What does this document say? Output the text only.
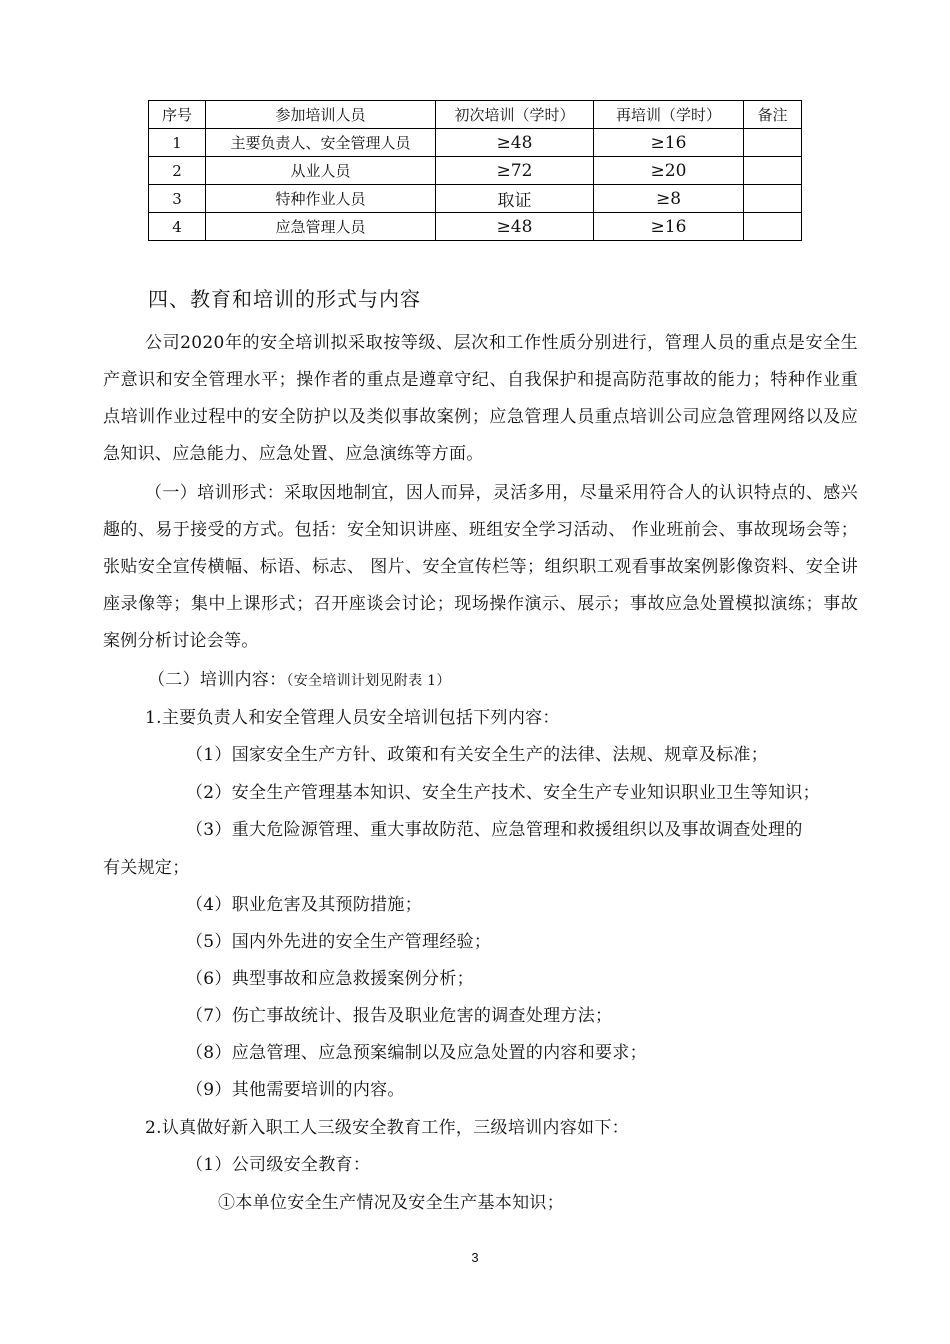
序号	参加培训人员	初次培训（学时）	再培训（学时）	备注
1	主要负责人、安全管理人员	≥48	≥16	
2	从业人员	≥72	≥20	
3	特种作业人员	取证	≥8	
4	应急管理人员	≥48	≥16	
四、教育和培训的形式与内容
公司2020年的安全培训拟采取按等级、层次和工作性质分别进行，管理人员的重点是安全生产意识和安全管理水平；操作者的重点是遵章守纪、自我保护和提高防范事故的能力；特种作业重点培训作业过程中的安全防护以及类似事故案例；应急管理人员重点培训公司应急管理网络以及应急知识、应急能力、应急处置、应急演练等方面。
（一）培训形式：采取因地制宜，因人而异，灵活多用，尽量采用符合人的认识特点的、感兴趣的、易于接受的方式。包括：安全知识讲座、班组安全学习活动、 作业班前会、事故现场会等；张贴安全宣传横幅、标语、标志、 图片、安全宣传栏等；组织职工观看事故案例影像资料、安全讲座录像等；集中上课形式；召开座谈会讨论；现场操作演示、展示；事故应急处置模拟演练；事故案例分析讨论会等。
（二）培训内容：（安全培训计划见附表 1）
1.主要负责人和安全管理人员安全培训包括下列内容：
（1）国家安全生产方针、政策和有关安全生产的法律、法规、规章及标准；
（2）安全生产管理基本知识、安全生产技术、安全生产专业知识职业卫生等知识；
（3）重大危险源管理、重大事故防范、应急管理和救援组织以及事故调查处理的
有关规定；
（4）职业危害及其预防措施；
（5）国内外先进的安全生产管理经验；
（6）典型事故和应急救援案例分析；
（7）伤亡事故统计、报告及职业危害的调查处理方法；
（8）应急管理、应急预案编制以及应急处置的内容和要求；
（9）其他需要培训的内容。
2.认真做好新入职工人三级安全教育工作，三级培训内容如下：
（1）公司级安全教育：
①本单位安全生产情况及安全生产基本知识；
3
